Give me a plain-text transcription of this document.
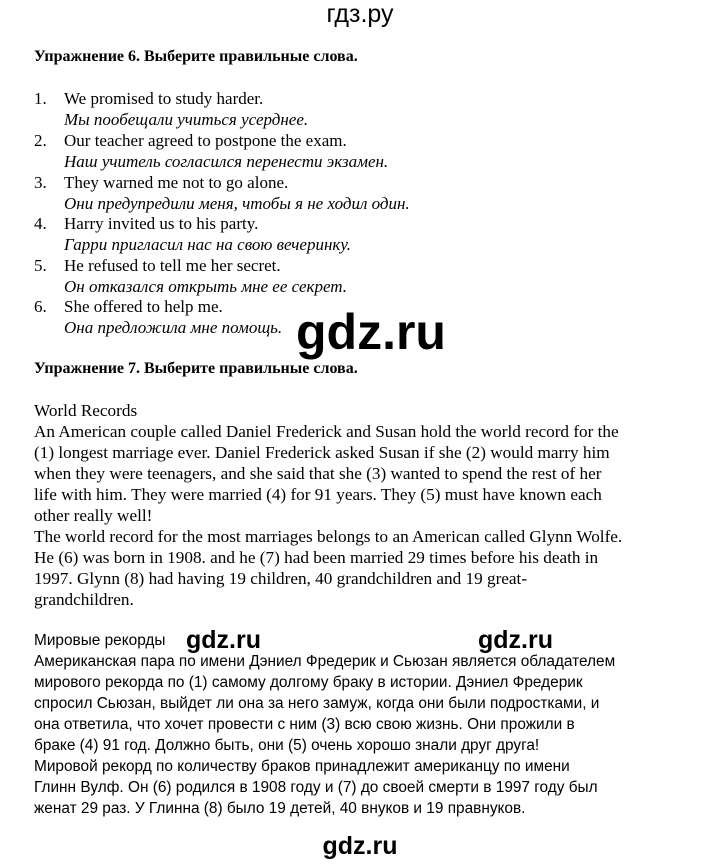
гдз.ру
Упражнение 6. Выберите правильные слова.
1. We promised to study harder.
Мы пообещали учиться усерднее.
2. Our teacher agreed to postpone the exam.
Наш учитель согласился перенести экзамен.
3. They warned me not to go alone.
Они предупредили меня, чтобы я не ходил один.
4. Harry invited us to his party.
Гарри пригласил нас на свою вечеринку.
5. He refused to tell me her secret.
Он отказался открыть мне ее секрет.
6. She offered to help me.
Она предложила мне помощь. gdz.ru
Упражнение 7. Выберите правильные слова.
World Records
An American couple called Daniel Frederick and Susan hold the world record for the
(1) longest marriage ever. Daniel Frederick asked Susan if she (2) would marry him
when they were teenagers, and she said that she (3) wanted to spend the rest of her
life with him. They were married (4) for 91 years. They (5) must have known each
other really well!
The world record for the most marriages belongs to an American called Glynn Wolfe.
He (6) was born in 1908. and he (7) had been married 29 times before his death in
1997. Glynn (8) had having 19 children, 40 grandchildren and 19 great-
grandchildren.
gdz.ru	gdz.ru
Мировые рекорды
Американская пара по имени Дэниел Фредерик и Сьюзан является обладателем
мирового рекорда по (1) самому долгому браку в истории. Дэниел Фредерик
спросил Сьюзан, выйдет ли она за него замуж, когда они были подростками, и
она ответила, что хочет провести с ним (3) всю свою жизнь. Они прожили в
браке (4) 91 год. Должно быть, они (5) очень хорошо знали друг друга!
Мировой рекорд по количеству браков принадлежит американцу по имени
Глинн Вулф. Он (6) родился в 1908 году и (7) до своей смерти в 1997 году был
женат 29 раз. У Глинна (8) было 19 детей, 40 внуков и 19 правнуков.
gdz.ru
